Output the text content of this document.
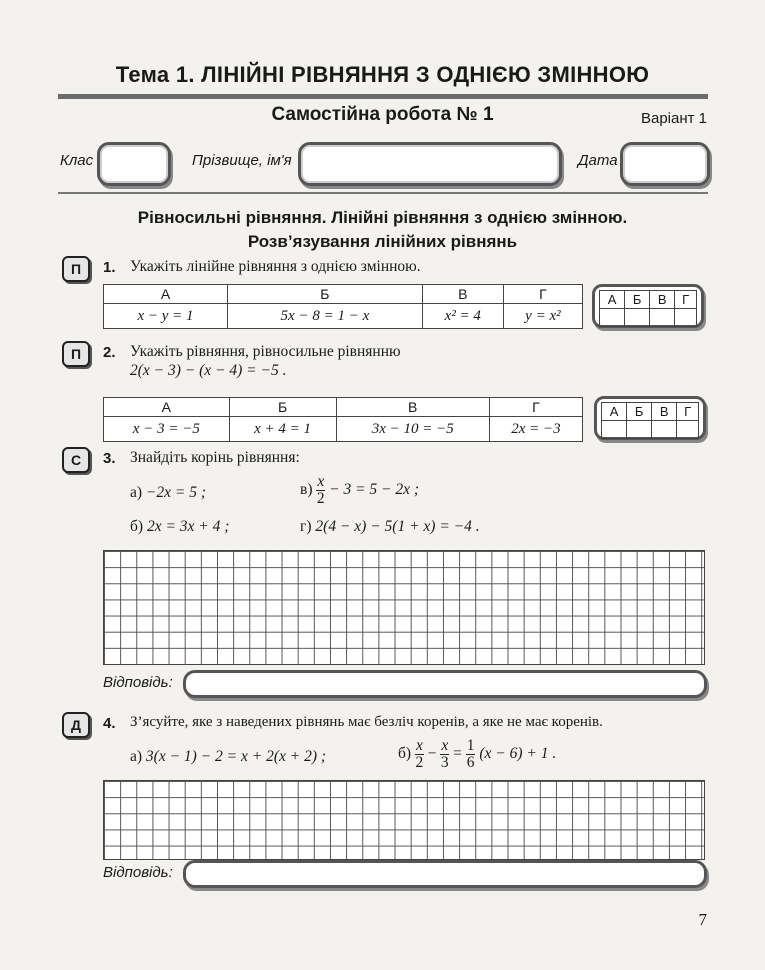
Тема 1. ЛІНІЙНІ РІВНЯННЯ З ОДНІЄЮ ЗМІННОЮ
Самостійна робота № 1	Варіант 1
Клас	Прізвище, ім'я	Дата
Рівносильні рівняння. Лінійні рівняння з однією змінною.
Розв’язування лінійних рівнянь
П	1. Укажіть лінійне рівняння з однією змінною.
А	Б	В	Г
x − y = 1	5x − 8 = 1 − x	x² = 4	y = x²
А	Б	В	Г

П	2. Укажіть рівняння, рівносильне рівнянню
2(x − 3) − (x − 4) = −5 .
А	Б	В	Г
x − 3 = −5	x + 4 = 1	3x − 10 = −5	2x = −3
А	Б	В	Г

С	3. Знайдіть корінь рівняння:
а) −2x = 5 ;	$в) \frac{x}{2} - 3 = 5 - 2x$ ;
б) 2x = 3x + 4 ;	г) 2(4 − x) − 5(1 + x) = −4 .
Відповідь:
Д	4. З’ясуйте, яке з наведених рівнянь має безліч коренів, а яке не має коренів.
а) 3(x − 1) − 2 = x + 2(x + 2) ;	$б) \frac{x}{2} - \frac{x}{3} = \frac{1}{6} (x - 6) + 1$ .
Відповідь:
7
